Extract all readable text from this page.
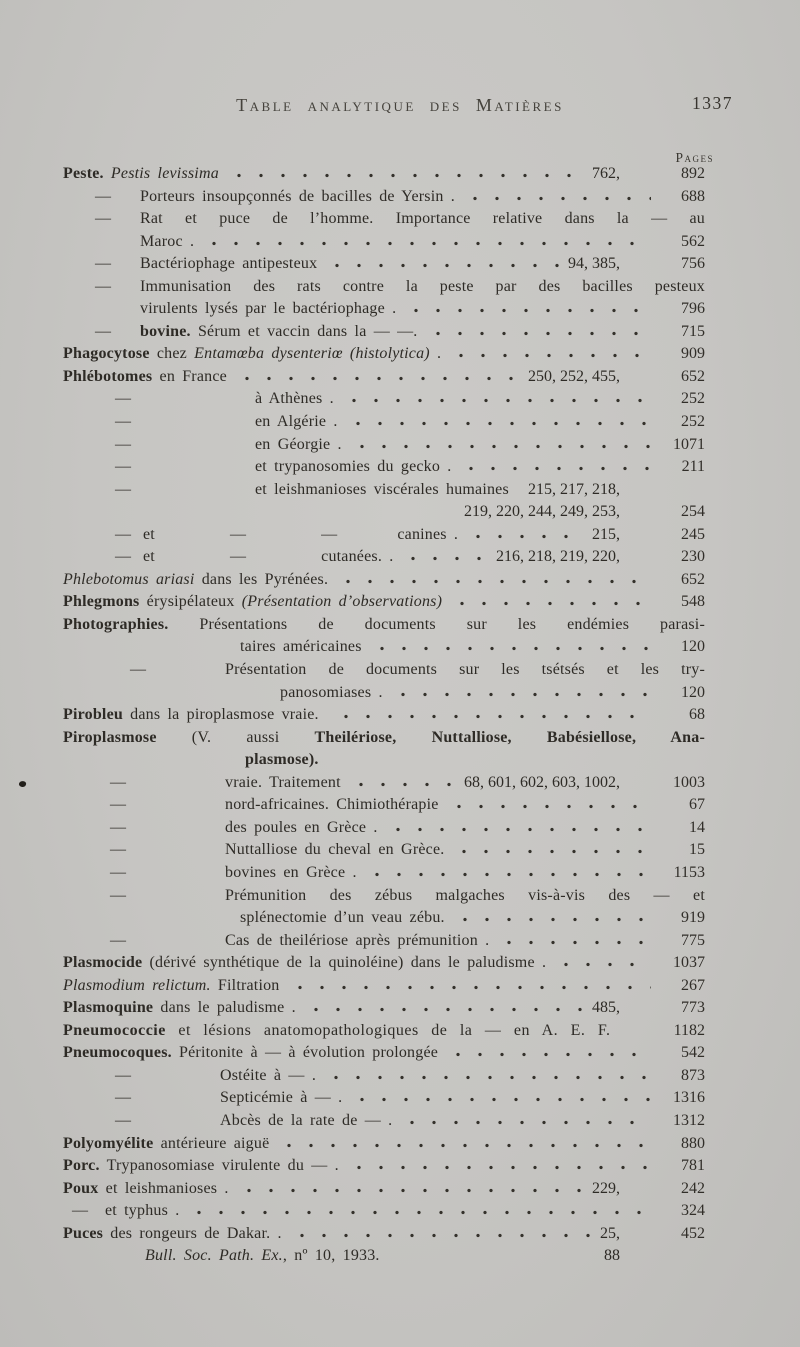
Table analytique des Matières	1337
Pages
Peste. Pestis levissima	762,	892
— Porteurs insoupçonnés de bacilles de Yersin .	688
— Rat et puce de l’homme. Importance relative dans la — au
Maroc .	562
— Bactériophage antipesteux	94, 385,	756
— Immunisation des rats contre la peste par des bacilles pesteux
virulents lysés par le bactériophage .	796
— bovine. Sérum et vaccin dans la — —.	715
Phagocytose chez Entamœba dysenteriœ (histolytica) .	909
Phlébotomes en France	250, 252, 455,	652
—	à Athènes .	252
—	en Algérie .	252
—	en Géorgie .	1071
—	et trypanosomies du gecko .	211
—	et leishmanioses viscérales humaines 215, 217, 218,
219, 220, 244, 249, 253,	254
— et	—	—	canines .	215,	245
— et	—	cutanées. .	216, 218, 219, 220,	230
Phlebotomus ariasi dans les Pyrénées.	652
Phlegmons érysipélateux (Présentation d’observations)	548
Photographies. Présentations de documents sur les endémies parasi-
taires américaines	120
—	Présentation de documents sur les tsétsés et les try-
panosomiases .	120
Pirobleu dans la piroplasmose vraie.	68
Piroplasmose (V. aussi Theilériose, Nuttalliose, Babésiellose, Ana-
plasmose).
—	vraie. Traitement	68, 601, 602, 603, 1002,	1003
—	nord-africaines. Chimiothérapie	67
—	des poules en Grèce .	14
—	Nuttalliose du cheval en Grèce.	15
—	bovines en Grèce .	1153
—	Prémunition des zébus malgaches vis-à-vis des — et
splénectomie d’un veau zébu.	919
—	Cas de theilériose après prémunition .	775
Plasmocide (dérivé synthétique de la quinoléine) dans le paludisme .	1037
Plasmodium relictum. Filtration	267
Plasmoquine dans le paludisme .	485,	773
Pneumococcie et lésions anatomopathologiques de la — en A. E. F.	1182
Pneumocoques. Péritonite à — à évolution prolongée	542
—	Ostéite à — .	873
—	Septicémie à — .	1316
—	Abcès de la rate de — .	1312
Polyomyélite antérieure aiguë	880
Porc. Trypanosomiase virulente du — .	781
Poux et leishmanioses .	229,	242
— et typhus .	324
Puces des rongeurs de Dakar. .	25,	452
Bull. Soc. Path. Ex., nº 10, 1933.	88
